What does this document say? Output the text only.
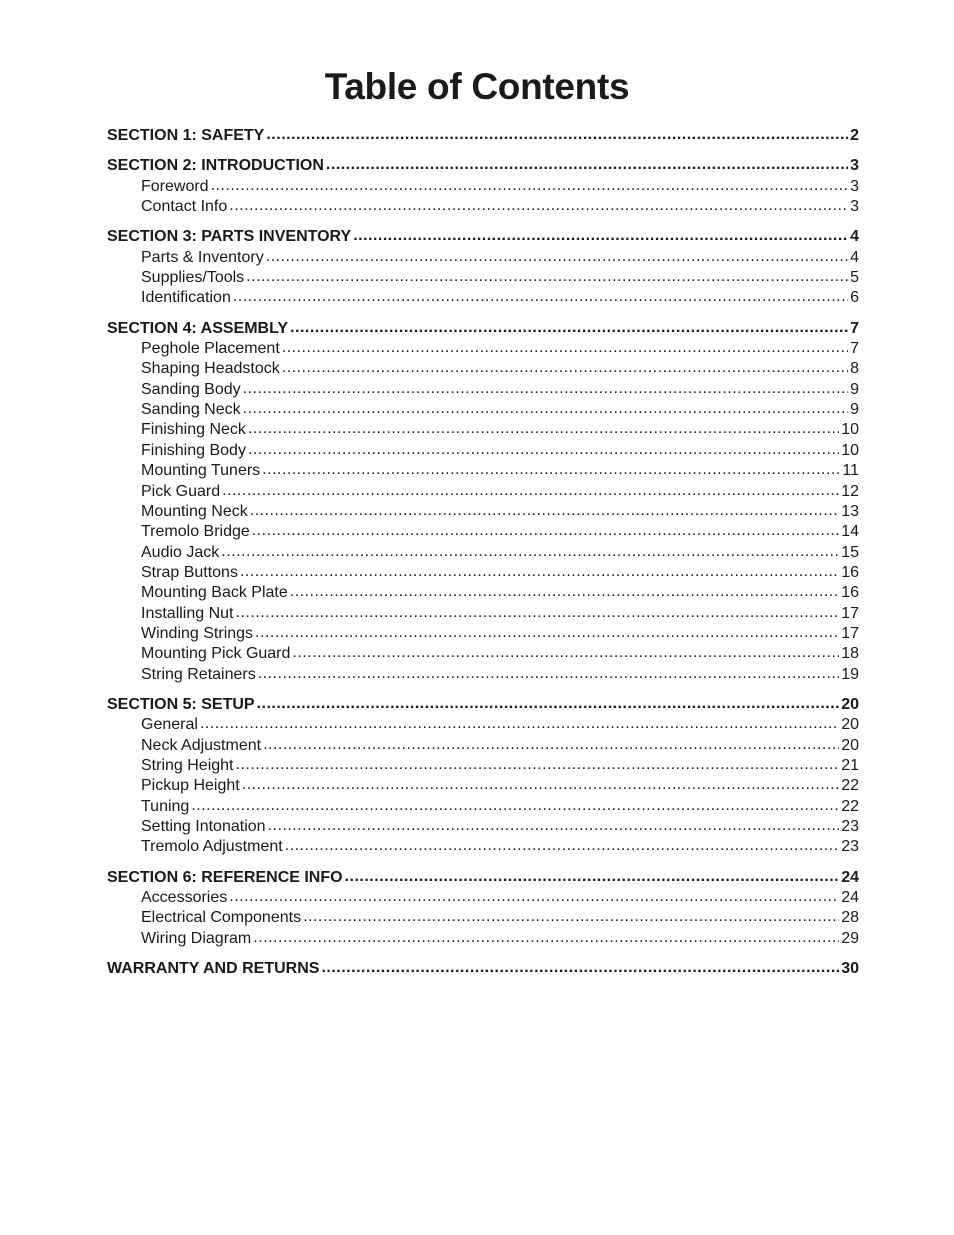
Table of Contents
SECTION 1: SAFETY .....	2
SECTION 2: INTRODUCTION .....	3
Foreword .....	3
Contact Info .....	3
SECTION 3: PARTS INVENTORY .....	4
Parts & Inventory .....	4
Supplies/Tools .....	5
Identification .....	6
SECTION 4: ASSEMBLY .....	7
Peghole Placement .....	7
Shaping Headstock .....	8
Sanding Body .....	9
Sanding Neck .....	9
Finishing Neck .....	10
Finishing Body .....	10
Mounting Tuners .....	11
Pick Guard .....	12
Mounting Neck .....	13
Tremolo Bridge .....	14
Audio Jack .....	15
Strap Buttons .....	16
Mounting Back Plate .....	16
Installing Nut .....	17
Winding Strings .....	17
Mounting Pick Guard .....	18
String Retainers .....	19
SECTION 5: SETUP .....	20
General .....	20
Neck Adjustment .....	20
String Height .....	21
Pickup Height .....	22
Tuning .....	22
Setting Intonation .....	23
Tremolo Adjustment .....	23
SECTION 6: REFERENCE INFO .....	24
Accessories .....	24
Electrical Components .....	28
Wiring Diagram .....	29
WARRANTY AND RETURNS .....	30
